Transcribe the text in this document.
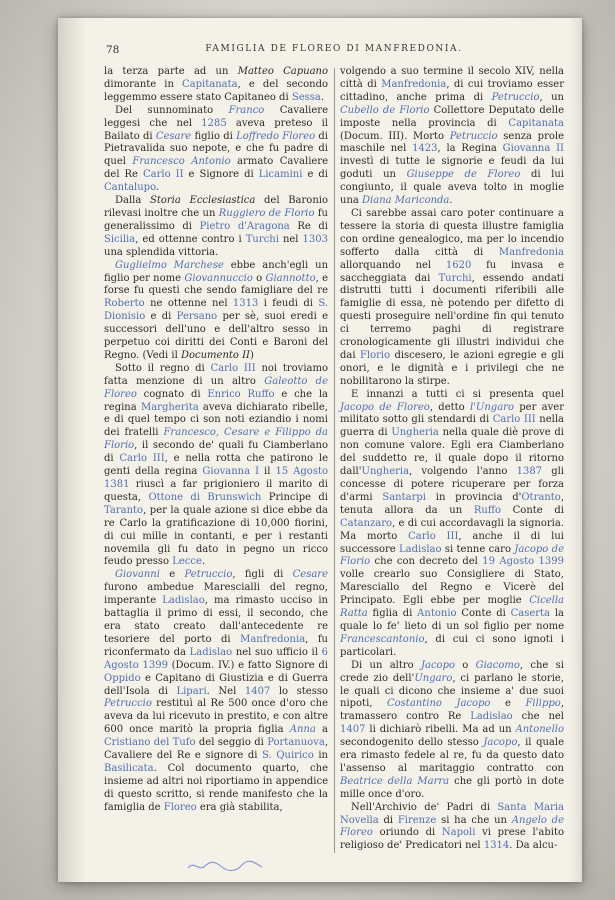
78	FAMIGLIA DE FLOREO DI MANFREDONIA.

la terza parte ad un Matteo Capuano dimorante in Capitanata, e del secondo leggemmo essere stato Capitaneo di Sessa.

Del sunnominato Franco Cavaliere leggesi che nel 1285 aveva preteso il Bailato di Cesare figlio di Loffredo Floreo di Pietravalida suo nepote, e che fu padre di quel Francesco Antonio armato Cavaliere del Re Carlo II e Signore di Licamini e di Cantalupo.

Dalla Storia Ecclesiastica del Baronio rilevasi inoltre che un Ruggiero de Florio fu generalissimo di Pietro d'Aragona Re di Sicilia, ed ottenne contro i Turchi nel 1303 una splendida vittoria.

Guglielmo Marchese ebbe anch'egli un figlio per nome Giovannuccio o Giannotto, e forse fu questi che sendo famigliare del re Roberto ne ottenne nel 1313 i feudi di S. Dionisio e di Persano per sè, suoi eredi e successori dell'uno e dell'altro sesso in perpetuo coi diritti dei Conti e Baroni del Regno. (Vedi il Documento II)

Sotto il regno di Carlo III noi troviamo fatta menzione di un altro Galeotto de Floreo cognato di Enrico Ruffo e che la regina Margherita aveva dichiarato ribelle, e di quel tempo ci son noti eziandio i nomi dei fratelli Francesco, Cesare e Filippo da Florio, il secondo de' quali fu Ciamberlano di Carlo III, e nella rotta che patirono le genti della regina Giovanna I il 15 Agosto 1381 riuscì a far prigioniero il marito di questa, Ottone di Brunswich Principe di Taranto, per la quale azione si dice ebbe da re Carlo la gratificazione di 10,000 fiorini, di cui mille in contanti, e per i restanti novemila gli fu dato in pegno un ricco feudo presso Lecce.

Giovanni e Petruccio, figli di Cesare furono ambedue Marescialli del regno, imperante Ladislao, ma rimasto ucciso in battaglia il primo di essi, il secondo, che era stato creato dall'antecedente re tesoriere del porto di Manfredonia, fu riconfermato da Ladislao nel suo ufficio il 6 Agosto 1399 (Docum. IV.) e fatto Signore di Oppido e Capitano di Giustizia e di Guerra dell'Isola di Lipari. Nel 1407 lo stesso Petruccio restituì al Re 500 once d'oro che aveva da lui ricevuto in prestito, e con altre 600 once maritò la propria figlia Anna a Cristiano del Tufo del seggio di Portanuova, Cavaliere del Re e signore di S. Quirico in Basilicata. Col documento quarto, che insieme ad altri noi riportiamo in appendice di questo scritto, si rende manifesto che la famiglia de Floreo era già stabilita,

volgendo a suo termine il secolo XIV, nella città di Manfredonia, di cui troviamo esser cittadino, anche prima di Petruccio, un Cubello de Florio Collettore Deputato delle imposte nella provincia di Capitanata (Docum. III). Morto Petruccio senza prole maschile nel 1423, la Regina Giovanna II investì di tutte le signorie e feudi da lui goduti un Giuseppe de Floreo di lui congiunto, il quale aveva tolto in moglie una Diana Mariconda.

Ci sarebbe assai caro poter continuare a tessere la storia di questa illustre famiglia con ordine genealogico, ma per lo incendio sofferto dalla città di Manfredonia allorquando nel 1620 fu invasa e saccheggiata dai Turchi, essendo andati distrutti tutti i documenti riferibili alle famiglie di essa, nè potendo per difetto di questi proseguire nell'ordine fin qui tenuto ci terremo paghi di registrare cronologicamente gli illustri individui che dai Florio discesero, le azioni egregie e gli onori, e le dignità e i privilegi che ne nobilitarono la stirpe.

E innanzi a tutti ci si presenta quel Jacopo de Floreo, detto l'Ungaro per aver militato sotto gli stendardi di Carlo III nella guerra di Ungheria nella quale diè prove di non comune valore. Egli era Ciamberlano del suddetto re, il quale dopo il ritorno dall'Ungheria, volgendo l'anno 1387 gli concesse di potere ricuperare per forza d'armi Santarpi in provincia d'Otranto, tenuta allora da un Ruffo Conte di Catanzaro, e di cui accordavagli la signoria. Ma morto Carlo III, anche il di lui successore Ladislao si tenne caro Jacopo de Florio che con decreto del 19 Agosto 1399 volle crearlo suo Consigliere di Stato, Maresciallo del Regno e Vicerè del Principato. Egli ebbe per moglie Cicella Ratta figlia di Antonio Conte di Caserta la quale lo fe' lieto di un sol figlio per nome Francescantonio, di cui ci sono ignoti i particolari.

Di un altro Jacopo o Giacomo, che si crede zio dell'Ungaro, ci parlano le storie, le quali ci dicono che insieme a' due suoi nipoti, Costantino Jacopo e Filippo, tramassero contro Re Ladislao che nel 1407 li dichiarò ribelli. Ma ad un Antonello secondogenito dello stesso Jacopo, il quale era rimasto fedele al re, fu da questo dato l'assenso al maritaggio contratto con Beatrice della Marra che gli portò in dote mille once d'oro.

Nell'Archivio de' Padri di Santa Maria Novella di Firenze si ha che un Angelo de Floreo oriundo di Napoli vi prese l'abito religioso de' Predicatori nel 1314. Da alcu-
